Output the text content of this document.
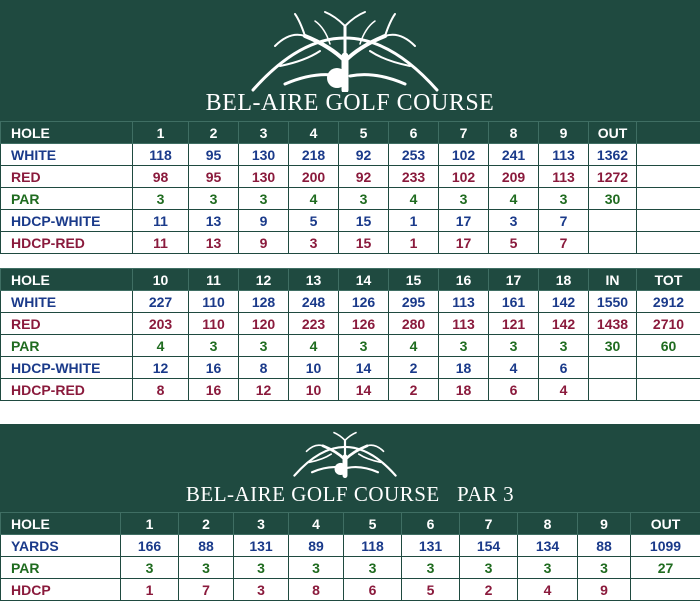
BEL-AIRE GOLF COURSE
HOLE	1	2	3	4	5	6	7	8	9	OUT	
WHITE	118	95	130	218	92	253	102	241	113	1362	
RED	98	95	130	200	92	233	102	209	113	1272	
PAR	3	3	3	4	3	4	3	4	3	30	
HDCP-WHITE	11	13	9	5	15	1	17	3	7		
HDCP-RED	11	13	9	3	15	1	17	5	7		
HOLE	10	11	12	13	14	15	16	17	18	IN	TOT
WHITE	227	110	128	248	126	295	113	161	142	1550	2912
RED	203	110	120	223	126	280	113	121	142	1438	2710
PAR	4	3	3	4	3	4	3	3	3	30	60
HDCP-WHITE	12	16	8	10	14	2	18	4	6		
HDCP-RED	8	16	12	10	14	2	18	6	4		
BEL-AIRE GOLF COURSE   PAR 3
HOLE	1	2	3	4	5	6	7	8	9	OUT
YARDS	166	88	131	89	118	131	154	134	88	1099
PAR	3	3	3	3	3	3	3	3	3	27
HDCP	1	7	3	8	6	5	2	4	9	
